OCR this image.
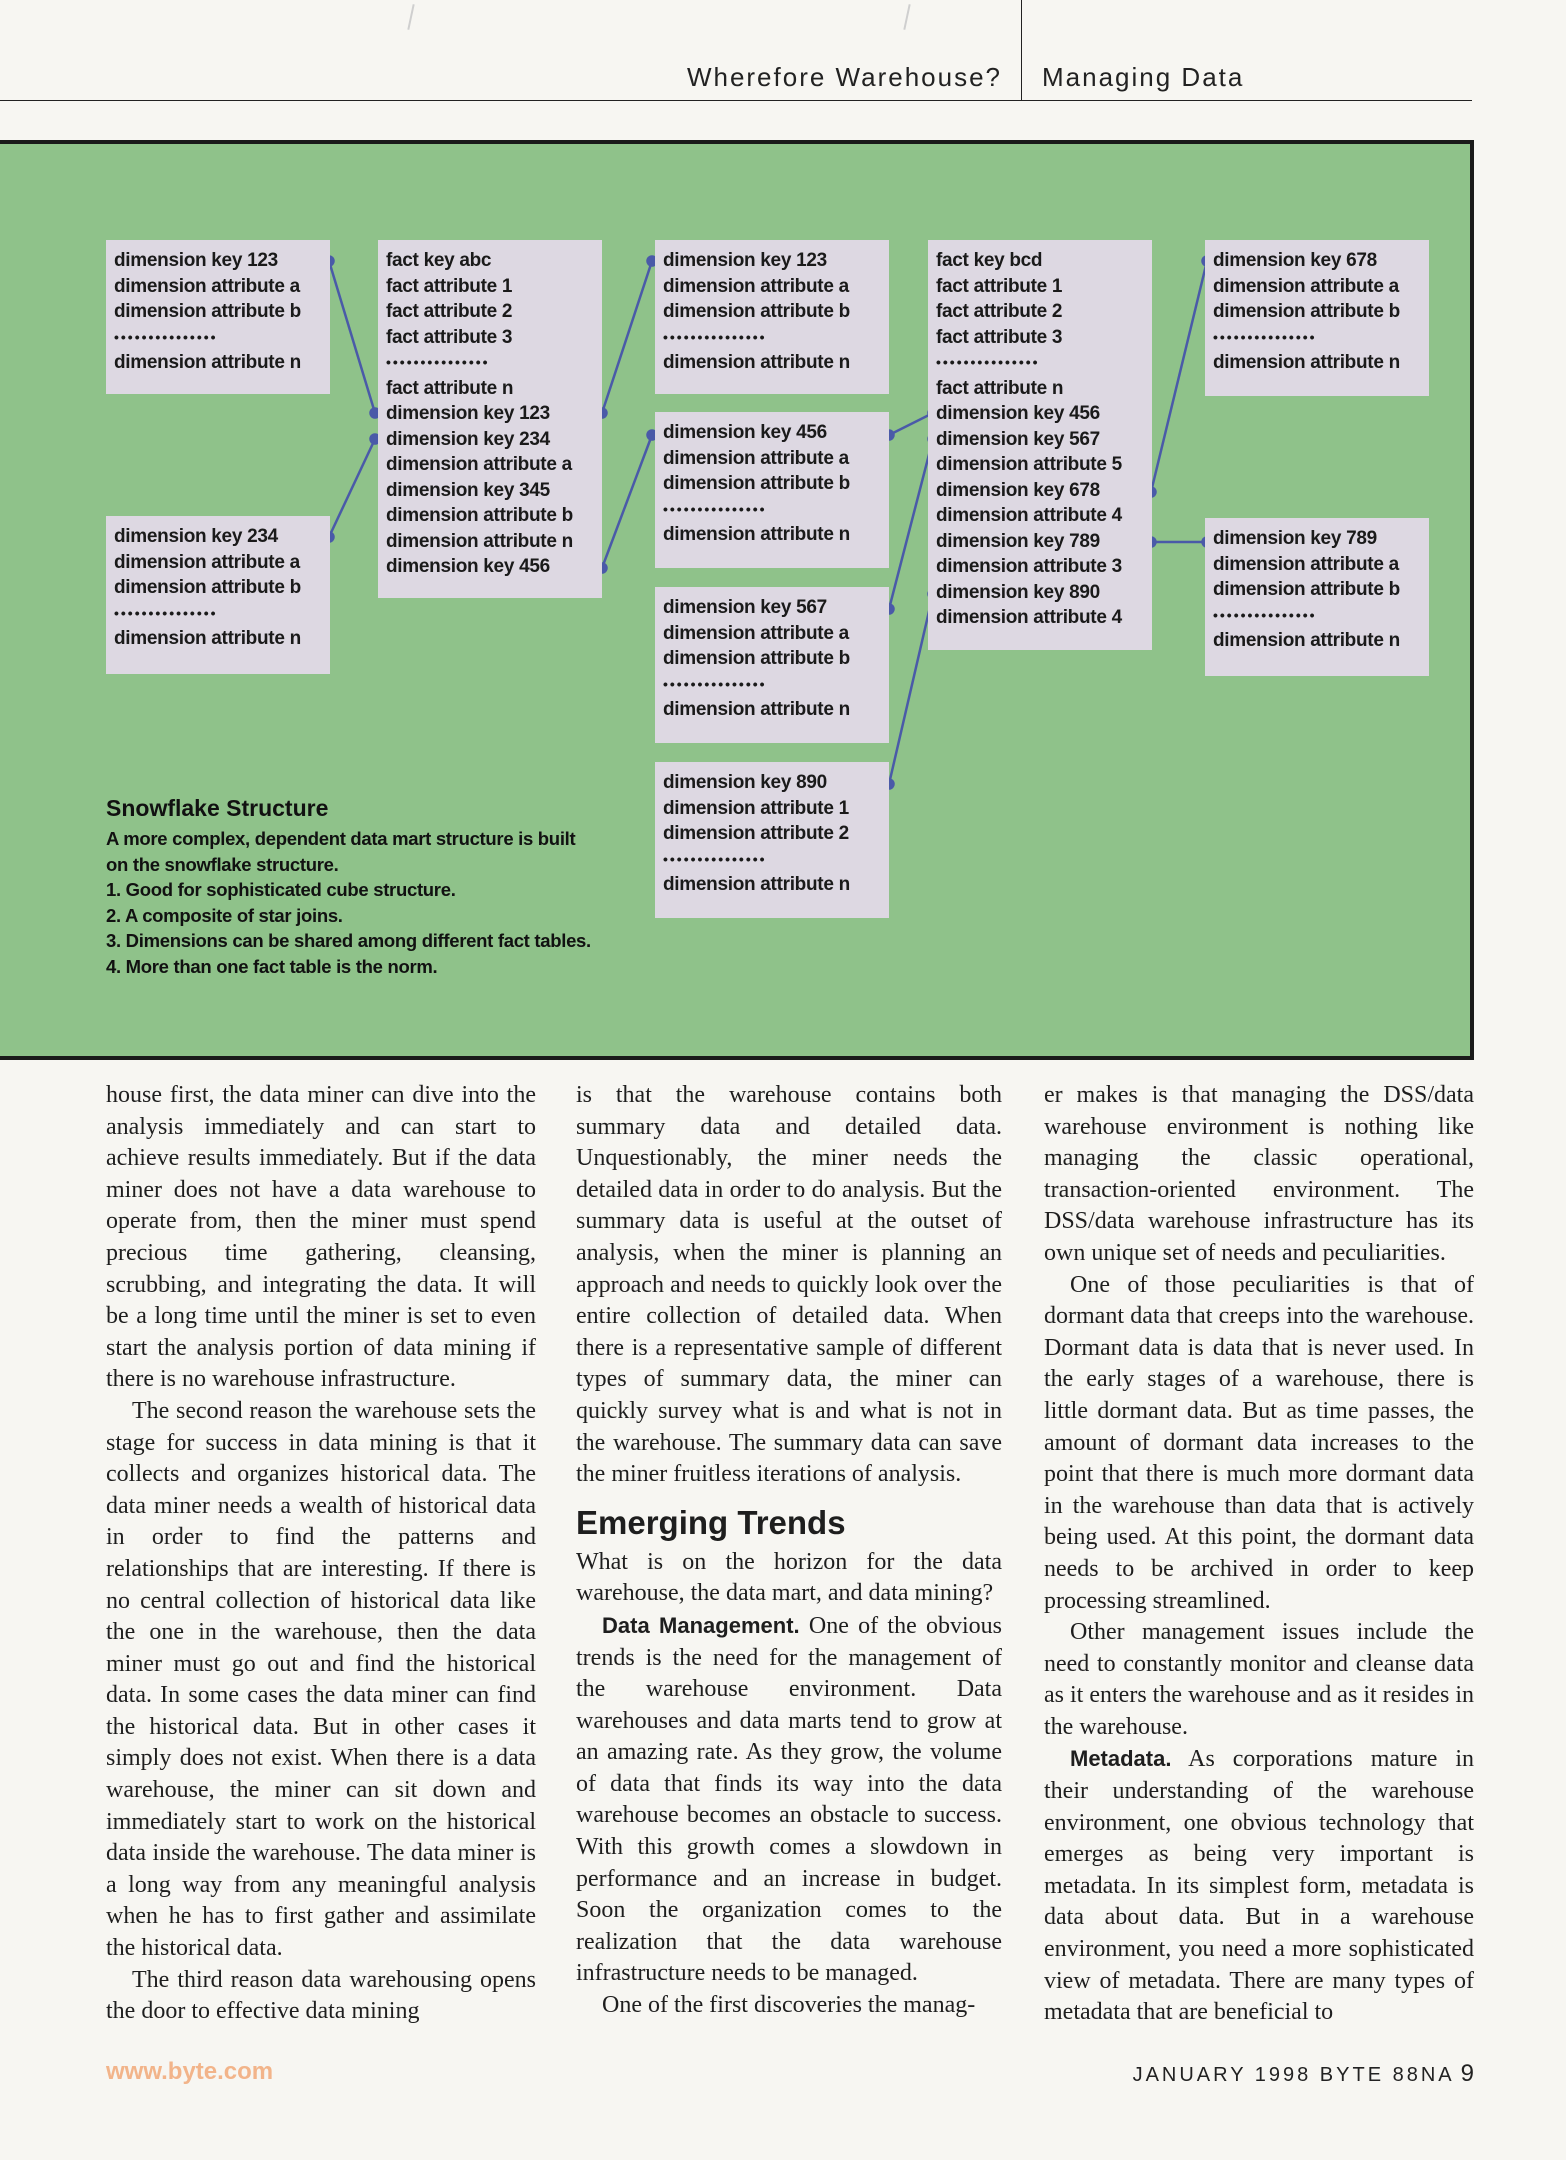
Wherefore Warehouse? Managing Data
dimension key 123
dimension attribute a
dimension attribute b
•••••••••••••••
dimension attribute n
dimension key 234
dimension attribute a
dimension attribute b
•••••••••••••••
dimension attribute n
fact key abc
fact attribute 1
fact attribute 2
fact attribute 3
•••••••••••••••
fact attribute n
dimension key 123
dimension key 234
dimension attribute a
dimension key 345
dimension attribute b
dimension attribute n
dimension key 456
dimension key 123
dimension attribute a
dimension attribute b
•••••••••••••••
dimension attribute n
dimension key 456
dimension attribute a
dimension attribute b
•••••••••••••••
dimension attribute n
dimension key 567
dimension attribute a
dimension attribute b
•••••••••••••••
dimension attribute n
dimension key 890
dimension attribute 1
dimension attribute 2
•••••••••••••••
dimension attribute n
fact key bcd
fact attribute 1
fact attribute 2
fact attribute 3
•••••••••••••••
fact attribute n
dimension key 456
dimension key 567
dimension attribute 5
dimension key 678
dimension attribute 4
dimension key 789
dimension attribute 3
dimension key 890
dimension attribute 4
dimension key 678
dimension attribute a
dimension attribute b
•••••••••••••••
dimension attribute n
dimension key 789
dimension attribute a
dimension attribute b
•••••••••••••••
dimension attribute n
Snowflake Structure
A more complex, dependent data mart structure is built
on the snowflake structure.
1. Good for sophisticated cube structure.
2. A composite of star joins.
3. Dimensions can be shared among different fact tables.
4. More than one fact table is the norm.

house first, the data miner can dive into the analysis immediately and can start to achieve results immediately. But if the data miner does not have a data warehouse to operate from, then the miner must spend precious time gathering, cleansing, scrubbing, and integrating the data. It will be a long time until the miner is set to even start the analysis portion of data mining if there is no warehouse infrastructure.

The second reason the warehouse sets the stage for success in data mining is that it collects and organizes historical data. The data miner needs a wealth of historical data in order to find the patterns and relationships that are interesting. If there is no central collection of historical data like the one in the warehouse, then the data miner must go out and find the historical data. In some cases the data miner can find the historical data. But in other cases it simply does not exist. When there is a data warehouse, the miner can sit down and immediately start to work on the historical data inside the warehouse. The data miner is a long way from any meaningful analysis when he has to first gather and assimilate the historical data.

The third reason data warehousing opens the door to effective data mining

is that the warehouse contains both summary data and detailed data. Unquestionably, the miner needs the detailed data in order to do analysis. But the summary data is useful at the outset of analysis, when the miner is planning an approach and needs to quickly look over the entire collection of detailed data. When there is a representative sample of different types of summary data, the miner can quickly survey what is and what is not in the warehouse. The summary data can save the miner fruitless iterations of analysis.

Emerging Trends

What is on the horizon for the data warehouse, the data mart, and data mining?

Data Management. One of the obvious trends is the need for the management of the warehouse environment. Data warehouses and data marts tend to grow at an amazing rate. As they grow, the volume of data that finds its way into the data warehouse becomes an obstacle to success. With this growth comes a slowdown in performance and an increase in budget. Soon the organization comes to the realization that the data warehouse infrastructure needs to be managed.

One of the first discoveries the manag-

er makes is that managing the DSS/data warehouse environment is nothing like managing the classic operational, transaction-oriented environment. The DSS/data warehouse infrastructure has its own unique set of needs and peculiarities.

One of those peculiarities is that of dormant data that creeps into the warehouse. Dormant data is data that is never used. In the early stages of a warehouse, there is little dormant data. But as time passes, the amount of dormant data increases to the point that there is much more dormant data in the warehouse than data that is actively being used. At this point, the dormant data needs to be archived in order to keep processing streamlined.

Other management issues include the need to constantly monitor and cleanse data as it enters the warehouse and as it resides in the warehouse.

Metadata. As corporations mature in their understanding of the warehouse environment, one obvious technology that emerges as being very important is metadata. In its simplest form, metadata is data about data. But in a warehouse environment, you need a more sophisticated view of metadata. There are many types of metadata that are beneficial to

www.byte.com	JANUARY 1998 BYTE 88NA 9
